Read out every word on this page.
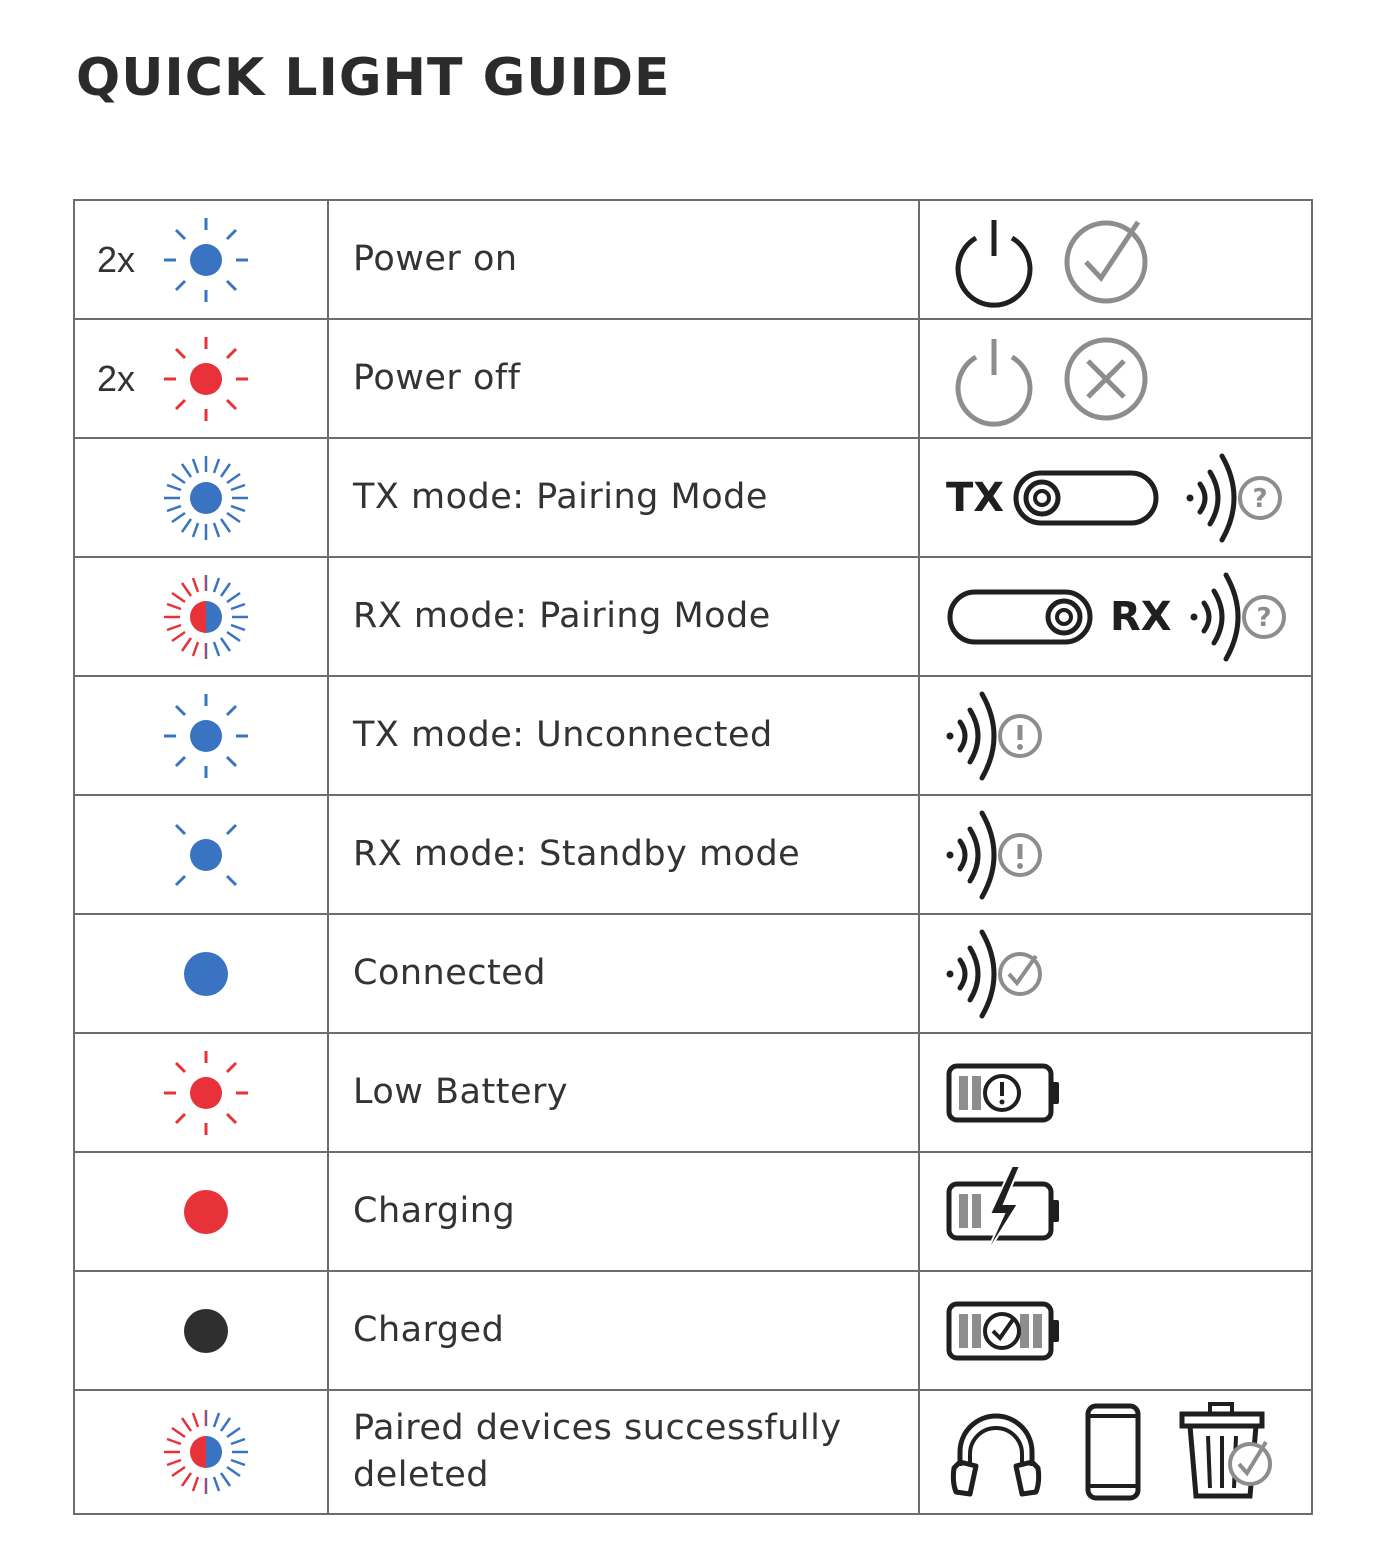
QUICK LIGHT GUIDE
2x	Power on	

2x	Power off	

	TX mode: Pairing Mode	TX ?

	RX mode: Pairing Mode	RX ?

	TX mode: Unconnected	

	RX mode: Standby mode	

	Connected	

	Low Battery	

	Charging	

	Charged	

	Paired devices successfully deleted	
